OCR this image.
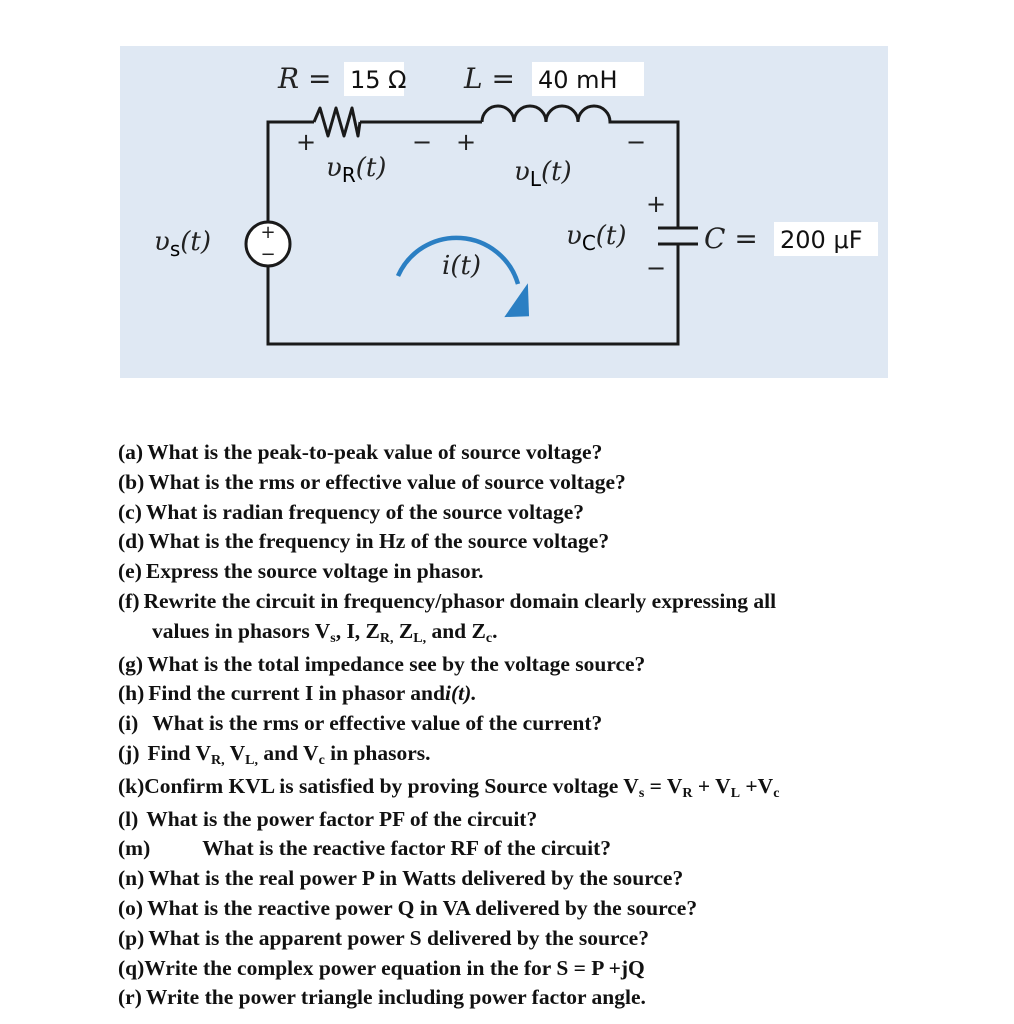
+
−
R = 15 Ω L = 40 mH
+	− +	−
+
−
$\upsilon_R(t)$	$\upsilon_L(t)$
$\upsilon_C(t)$
$\upsilon_s(t)$
i(t)
C = 200 μF
(a) What is the peak-to-peak value of source voltage?
(b) What is the rms or effective value of source voltage?
(c) What is radian frequency of the source voltage?
(d) What is the frequency in Hz of the source voltage?
(e) Express the source voltage in phasor.
(f) Rewrite the circuit in frequency/phasor domain clearly expressing all
values in phasors Vs, I, ZR, ZL, and Zc.
(g) What is the total impedance see by the voltage source?
(h) Find the current I in phasor and i(t).
(i) What is the rms or effective value of the current?
(j) Find VR, VL, and Vc in phasors.
(k) Confirm KVL is satisfied by proving Source voltage Vs = VR + VL +Vc
(l) What is the power factor PF of the circuit?
(m) What is the reactive factor RF of the circuit?
(n) What is the real power P in Watts delivered by the source?
(o) What is the reactive power Q in VA delivered by the source?
(p) What is the apparent power S delivered by the source?
(q) Write the complex power equation in the for S = P +jQ
(r) Write the power triangle including power factor angle.
